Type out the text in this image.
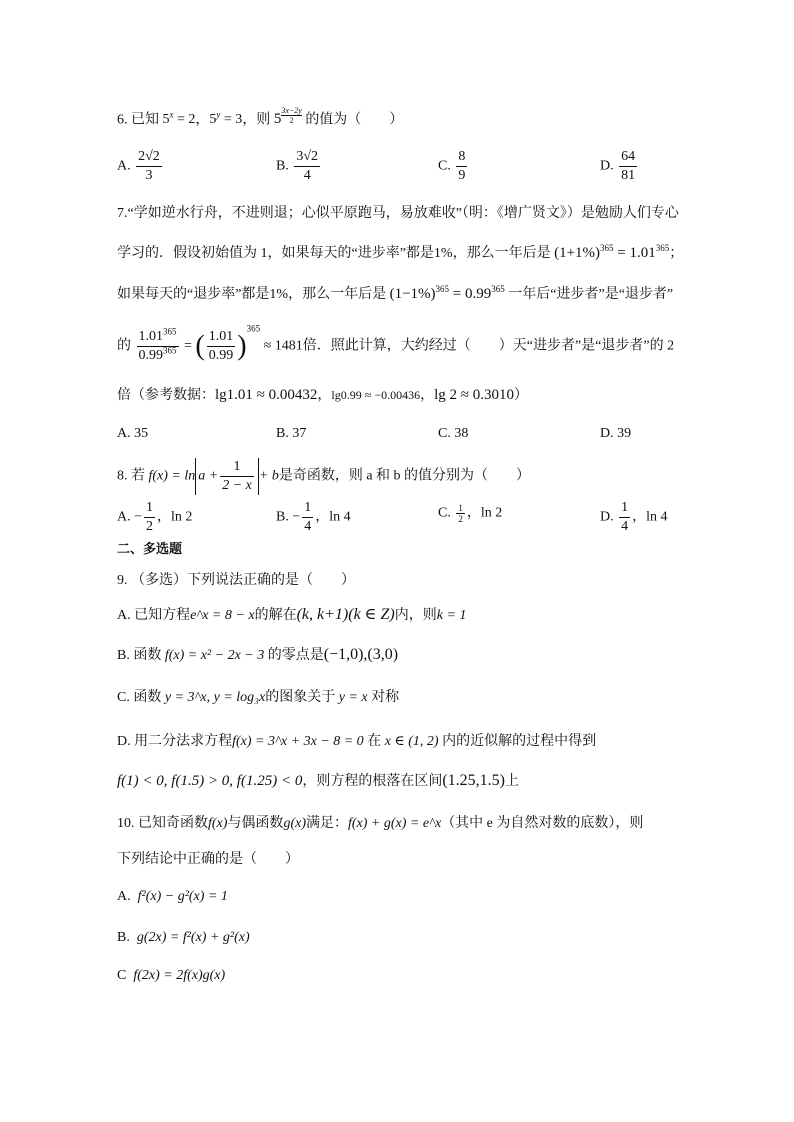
6. 已知 $5^x = 2$，$5^y = 3$，则 5 $^{\frac{3x-2y}{2}}$ 的值为（　　）
A. $\frac{2√2}{3}$	B. $\frac{3√2}{4}$	C. $\frac{8}{9}$	D. $\frac{64}{81}$
7.“学如逆水行舟，不进则退；心似平原跑马，易放难收”（明：《增广贤文》）是勉励人们专心
学习的．假设初始值为 1，如果每天的“进步率”都是1%，那么一年后是 $(1+1\%)^{365} = 1.01^{365}$；
如果每天的“退步率”都是1%，那么一年后是 $(1-1\%)^{365} = 0.99^{365}$ 一年后“进步者”是“退步者”
的 $\frac{1.01^{365}}{0.99^{365}}$ = ( $\frac{1.01}{0.99} )^{365} \approx 1481$倍．照此计算，大约经过（　　）天“进步者”是“退步者”的 2
倍（参考数据：lg1.01 ≈ 0.00432，lg0.99 ≈ −0.00436，lg 2 ≈ 0.3010）
A. 35	B. 37	C. 38	D. 39
8. 若 $f(x) = \ln a + \frac{1}{2 - x} + b$是奇函数，则 a 和 b 的值分别为（　　）
A. − $\frac{1}{2}$ ，ln 2	B. − $\frac{1}{4}$ ，ln 4	C. $\frac{1}{2}$ ，ln 2	D. $\frac{1}{4}$ ，ln 4
二、多选题
9. （多选）下列说法正确的是（　　）
A. 已知方程e^x = 8 − x的解在(k, k+1)(k ∈ Z)内，则k = 1
B. 函数 f(x) = x² − 2x − 3 的零点是(−1,0),(3,0)
C. 函数 y = 3^x, y = log₃x的图象关于 y = x 对称
D. 用二分法求方程f(x) = 3^x + 3x − 8 = 0 在 x ∈ (1, 2) 内的近似解的过程中得到
f(1) < 0, f(1.5) > 0, f(1.25) < 0，则方程的根落在区间(1.25,1.5)上
10. 已知奇函数f(x)与偶函数g(x)满足：f(x) + g(x) = e^x（其中 e 为自然对数的底数），则
下列结论中正确的是（　　）
A. f²(x) − g²(x) = 1
B. g(2x) = f²(x) + g²(x)
C f(2x) = 2f(x)g(x)
